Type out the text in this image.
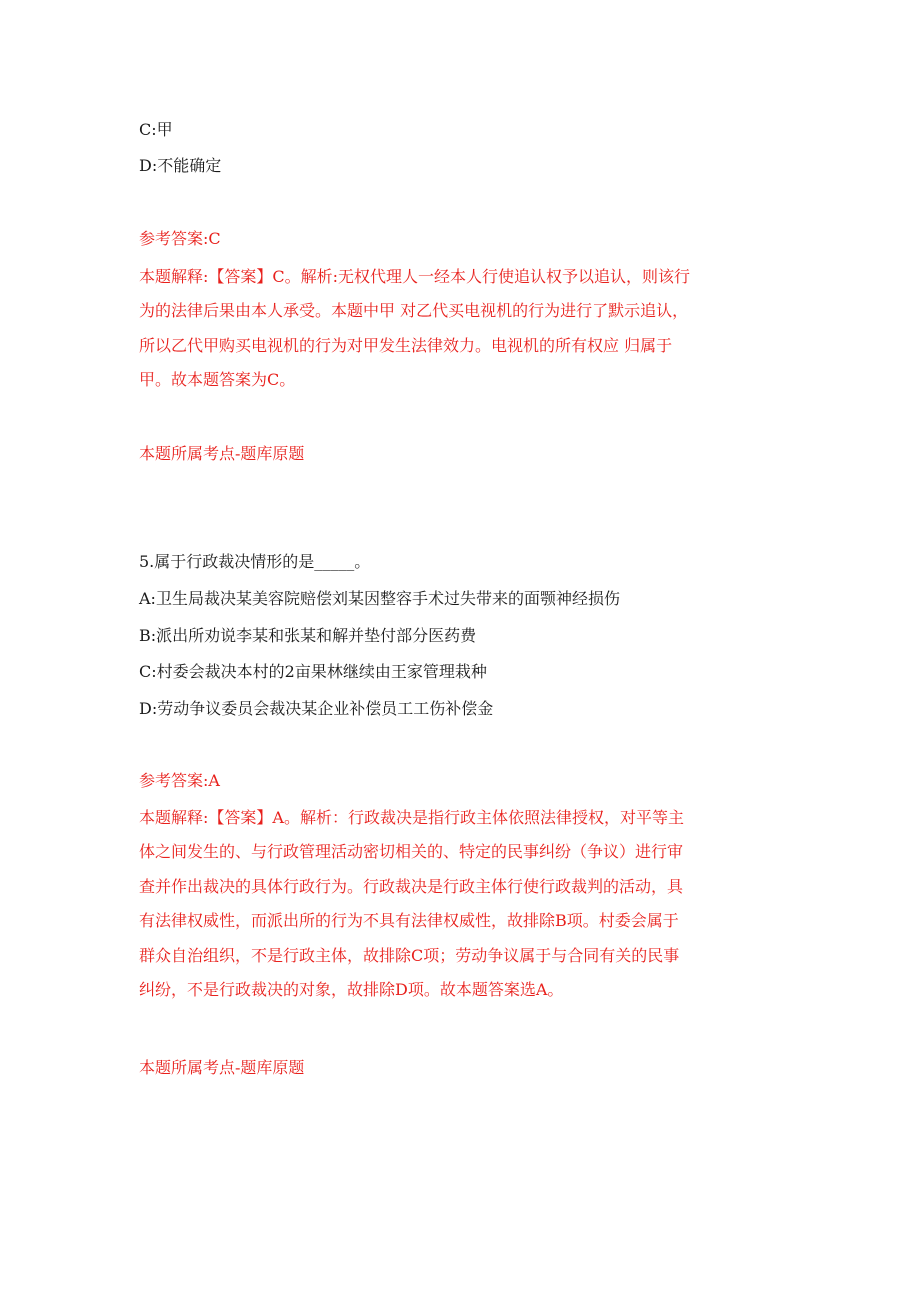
C:甲
D:不能确定
参考答案:C
本题解释:【答案】C。解析:无权代理人一经本人行使追认权予以追认，则该行
为的法律后果由本人承受。本题中甲 对乙代买电视机的行为进行了默示追认，
所以乙代甲购买电视机的行为对甲发生法律效力。电视机的所有权应 归属于
甲。故本题答案为C。
本题所属考点-题库原题
5.属于行政裁决情形的是_____。
A:卫生局裁决某美容院赔偿刘某因整容手术过失带来的面颚神经损伤
B:派出所劝说李某和张某和解并垫付部分医药费
C:村委会裁决本村的2亩果林继续由王家管理栽种
D:劳动争议委员会裁决某企业补偿员工工伤补偿金
参考答案:A
本题解释:【答案】A。解析：行政裁决是指行政主体依照法律授权，对平等主
体之间发生的、与行政管理活动密切相关的、特定的民事纠纷（争议）进行审
查并作出裁决的具体行政行为。行政裁决是行政主体行使行政裁判的活动，具
有法律权威性，而派出所的行为不具有法律权威性，故排除B项。村委会属于
群众自治组织，不是行政主体，故排除C项；劳动争议属于与合同有关的民事
纠纷，不是行政裁决的对象，故排除D项。故本题答案选A。
本题所属考点-题库原题
